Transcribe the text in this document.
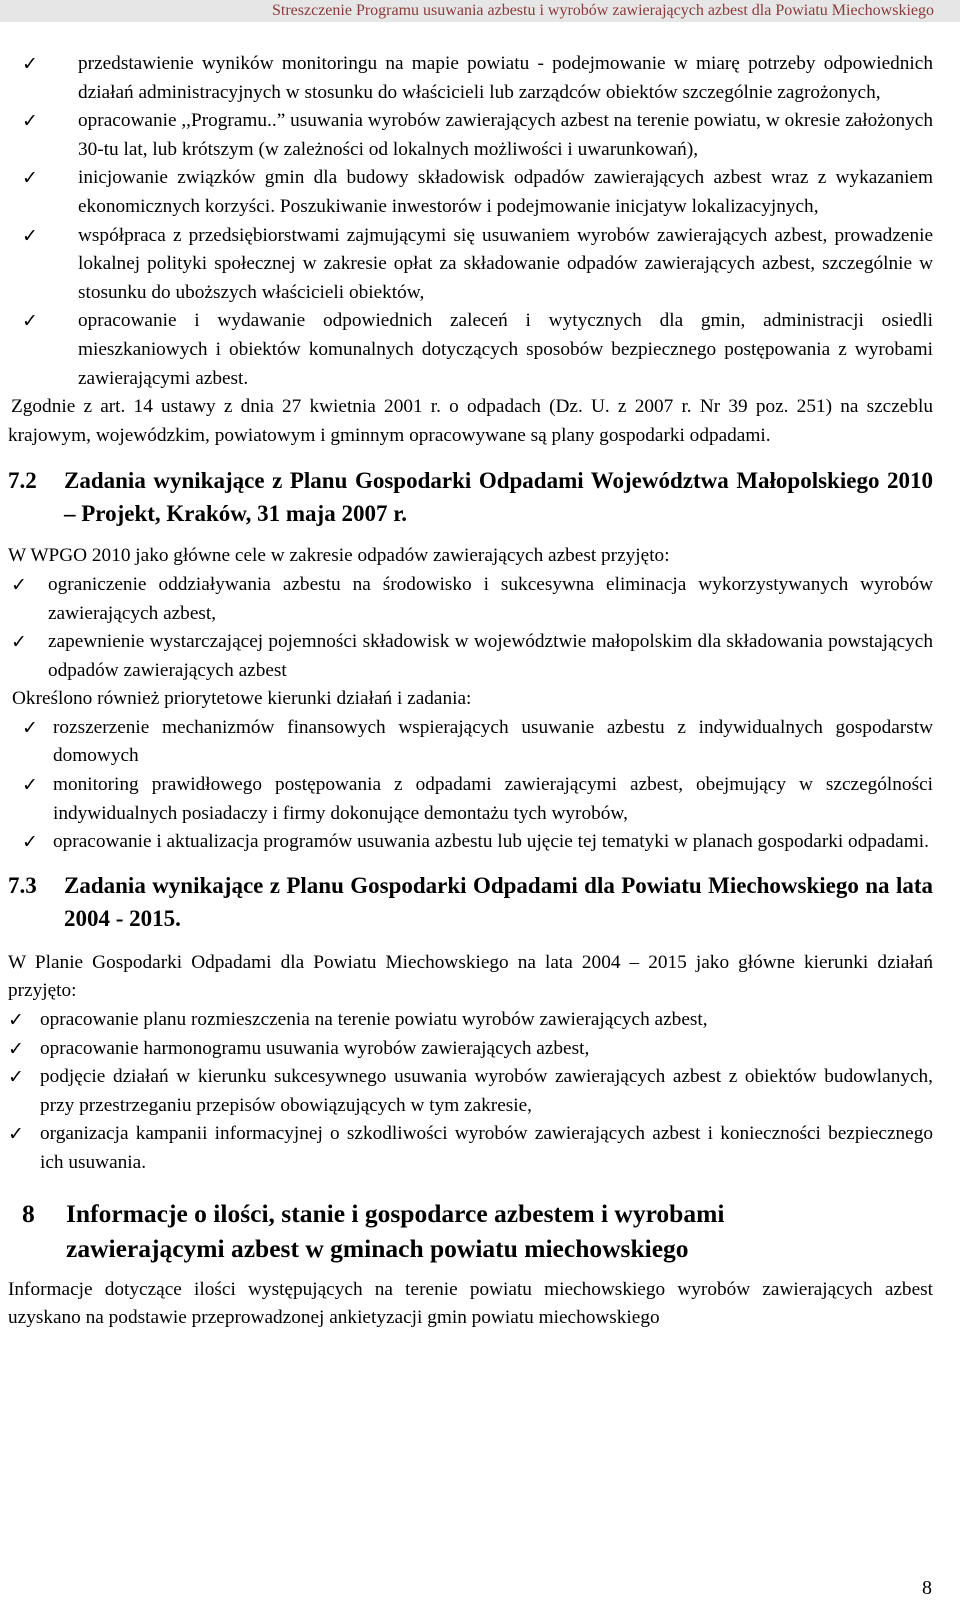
Streszczenie Programu usuwania azbestu i wyrobów zawierających azbest dla Powiatu Miechowskiego
✓ przedstawienie wyników monitoringu na mapie powiatu - podejmowanie w miarę potrzeby odpowiednich działań administracyjnych w stosunku do właścicieli lub zarządców obiektów szczególnie zagrożonych,
✓ opracowanie ,,Programu..” usuwania wyrobów zawierających azbest na terenie powiatu, w okresie założonych 30-tu lat, lub krótszym (w zależności od lokalnych możliwości i uwarunkowań),
✓ inicjowanie związków gmin dla budowy składowisk odpadów zawierających azbest wraz z wykazaniem ekonomicznych korzyści. Poszukiwanie inwestorów i podejmowanie inicjatyw lokalizacyjnych,
✓ współpraca z przedsiębiorstwami zajmującymi się usuwaniem wyrobów zawierających azbest, prowadzenie lokalnej polityki społecznej w zakresie opłat za składowanie odpadów zawierających azbest, szczególnie w stosunku do uboższych właścicieli obiektów,
✓ opracowanie i wydawanie odpowiednich zaleceń i wytycznych dla gmin, administracji osiedli mieszkaniowych i obiektów komunalnych dotyczących sposobów bezpiecznego postępowania z wyrobami zawierającymi azbest.

Zgodnie z art. 14 ustawy z dnia 27 kwietnia 2001 r. o odpadach (Dz. U. z 2007 r. Nr 39 poz. 251) na szczeblu krajowym, wojewódzkim, powiatowym i gminnym opracowywane są plany gospodarki odpadami.

7.2 Zadania wynikające z Planu Gospodarki Odpadami Województwa Małopolskiego 2010 – Projekt, Kraków, 31 maja 2007 r.

W WPGO 2010 jako główne cele w zakresie odpadów zawierających azbest przyjęto:

✓ ograniczenie oddziaływania azbestu na środowisko i sukcesywna eliminacja wykorzystywanych wyrobów zawierających azbest,
✓ zapewnienie wystarczającej pojemności składowisk w województwie małopolskim dla składowania powstających odpadów zawierających azbest

Określono również priorytetowe kierunki działań i zadania:

✓ rozszerzenie mechanizmów finansowych wspierających usuwanie azbestu z indywidualnych gospodarstw domowych
✓ monitoring prawidłowego postępowania z odpadami zawierającymi azbest, obejmujący w szczególności indywidualnych posiadaczy i firmy dokonujące demontażu tych wyrobów,
✓ opracowanie i aktualizacja programów usuwania azbestu lub ujęcie tej tematyki w planach gospodarki odpadami.
7.3 Zadania wynikające z Planu Gospodarki Odpadami dla Powiatu Miechowskiego na lata 2004 - 2015.

W Planie Gospodarki Odpadami dla Powiatu Miechowskiego na lata 2004 – 2015 jako główne kierunki działań przyjęto:

✓ opracowanie planu rozmieszczenia na terenie powiatu wyrobów zawierających azbest,
✓ opracowanie harmonogramu usuwania wyrobów zawierających azbest,
✓ podjęcie działań w kierunku sukcesywnego usuwania wyrobów zawierających azbest z obiektów budowlanych, przy przestrzeganiu przepisów obowiązujących w tym zakresie,
✓ organizacja kampanii informacyjnej o szkodliwości wyrobów zawierających azbest i konieczności bezpiecznego ich usuwania.
8 Informacje o ilości, stanie i gospodarce azbestem i wyrobami zawierającymi azbest w gminach powiatu miechowskiego

Informacje dotyczące ilości występujących na terenie powiatu miechowskiego wyrobów zawierających azbest uzyskano na podstawie przeprowadzonej ankietyzacji gmin powiatu miechowskiego

8
